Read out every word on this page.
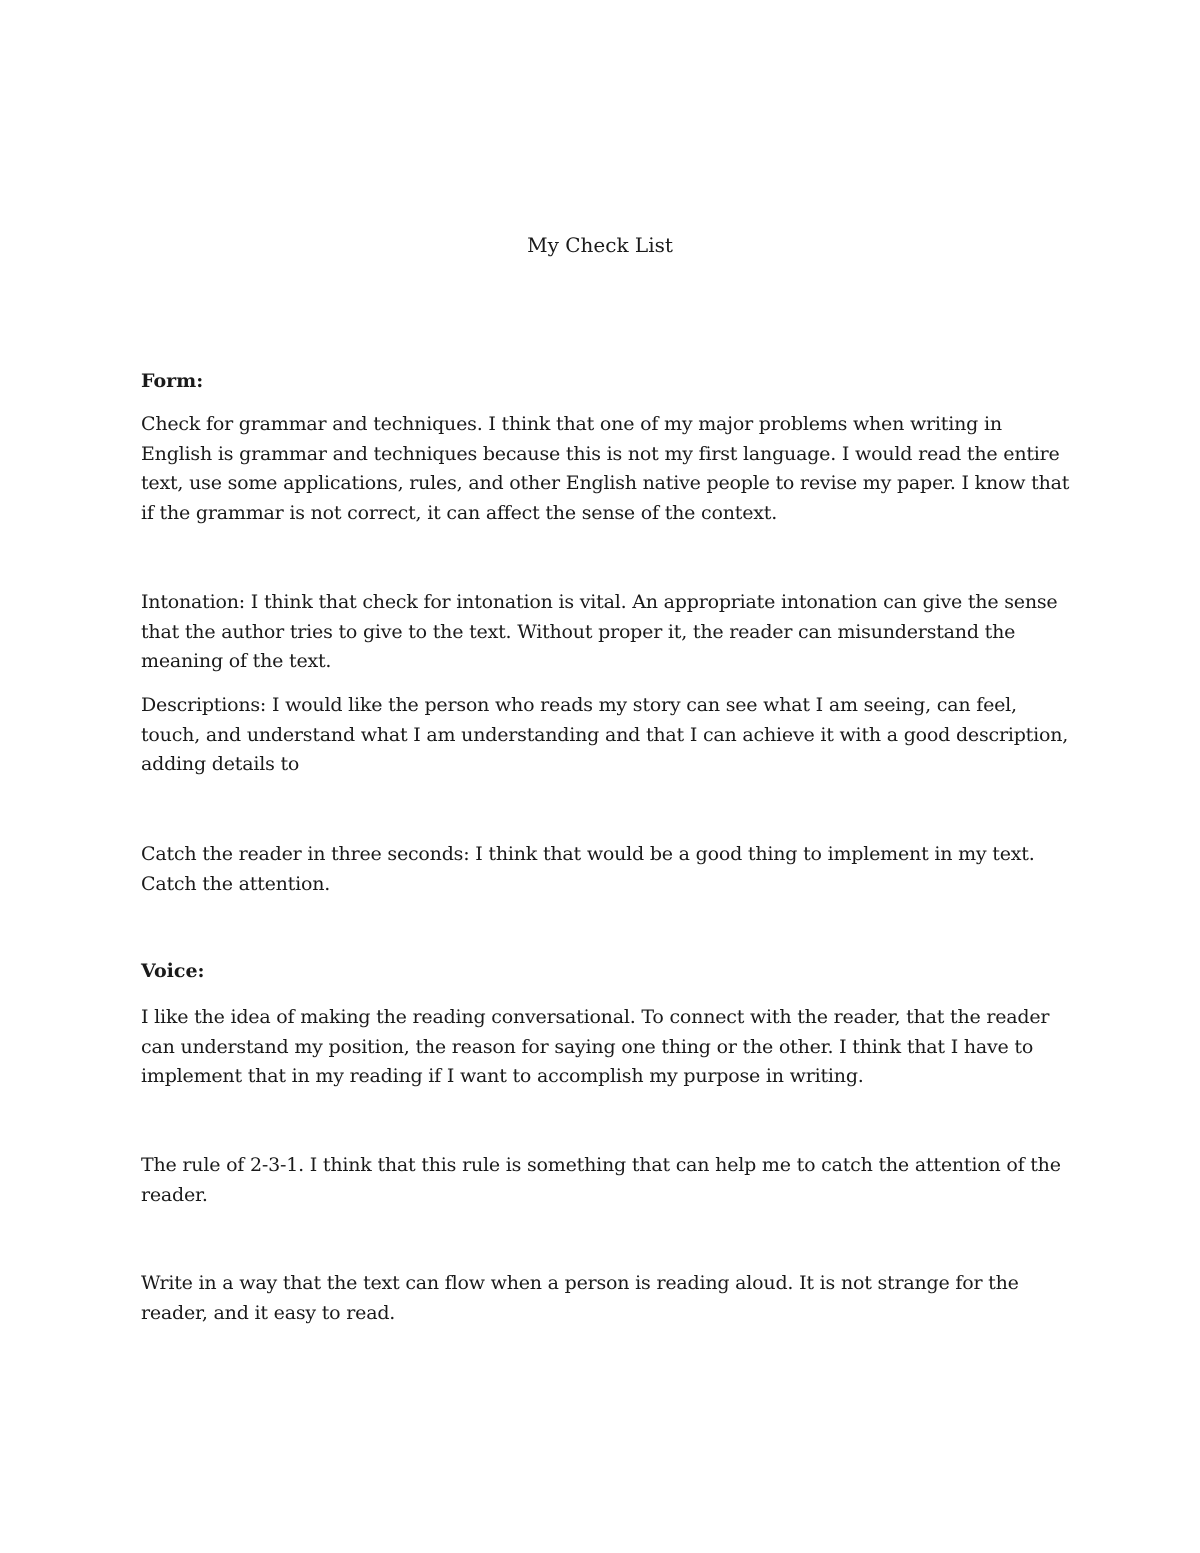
My Check List
Form:

Check for grammar and techniques. I think that one of my major problems when writing in English is grammar and techniques because this is not my first language. I would read the entire text, use some applications, rules, and other English native people to revise my paper. I know that if the grammar is not correct, it can affect the sense of the context.

Intonation: I think that check for intonation is vital. An appropriate intonation can give the sense that the author tries to give to the text. Without proper it, the reader can misunderstand the meaning of the text.

Descriptions: I would like the person who reads my story can see what I am seeing, can feel, touch, and understand what I am understanding and that I can achieve it with a good description, adding details to

Catch the reader in three seconds: I think that would be a good thing to implement in my text. Catch the attention.

Voice:

I like the idea of making the reading conversational. To connect with the reader, that the reader can understand my position, the reason for saying one thing or the other. I think that I have to implement that in my reading if I want to accomplish my purpose in writing.

The rule of 2-3-1. I think that this rule is something that can help me to catch the attention of the reader.

Write in a way that the text can flow when a person is reading aloud. It is not strange for the reader, and it easy to read.
